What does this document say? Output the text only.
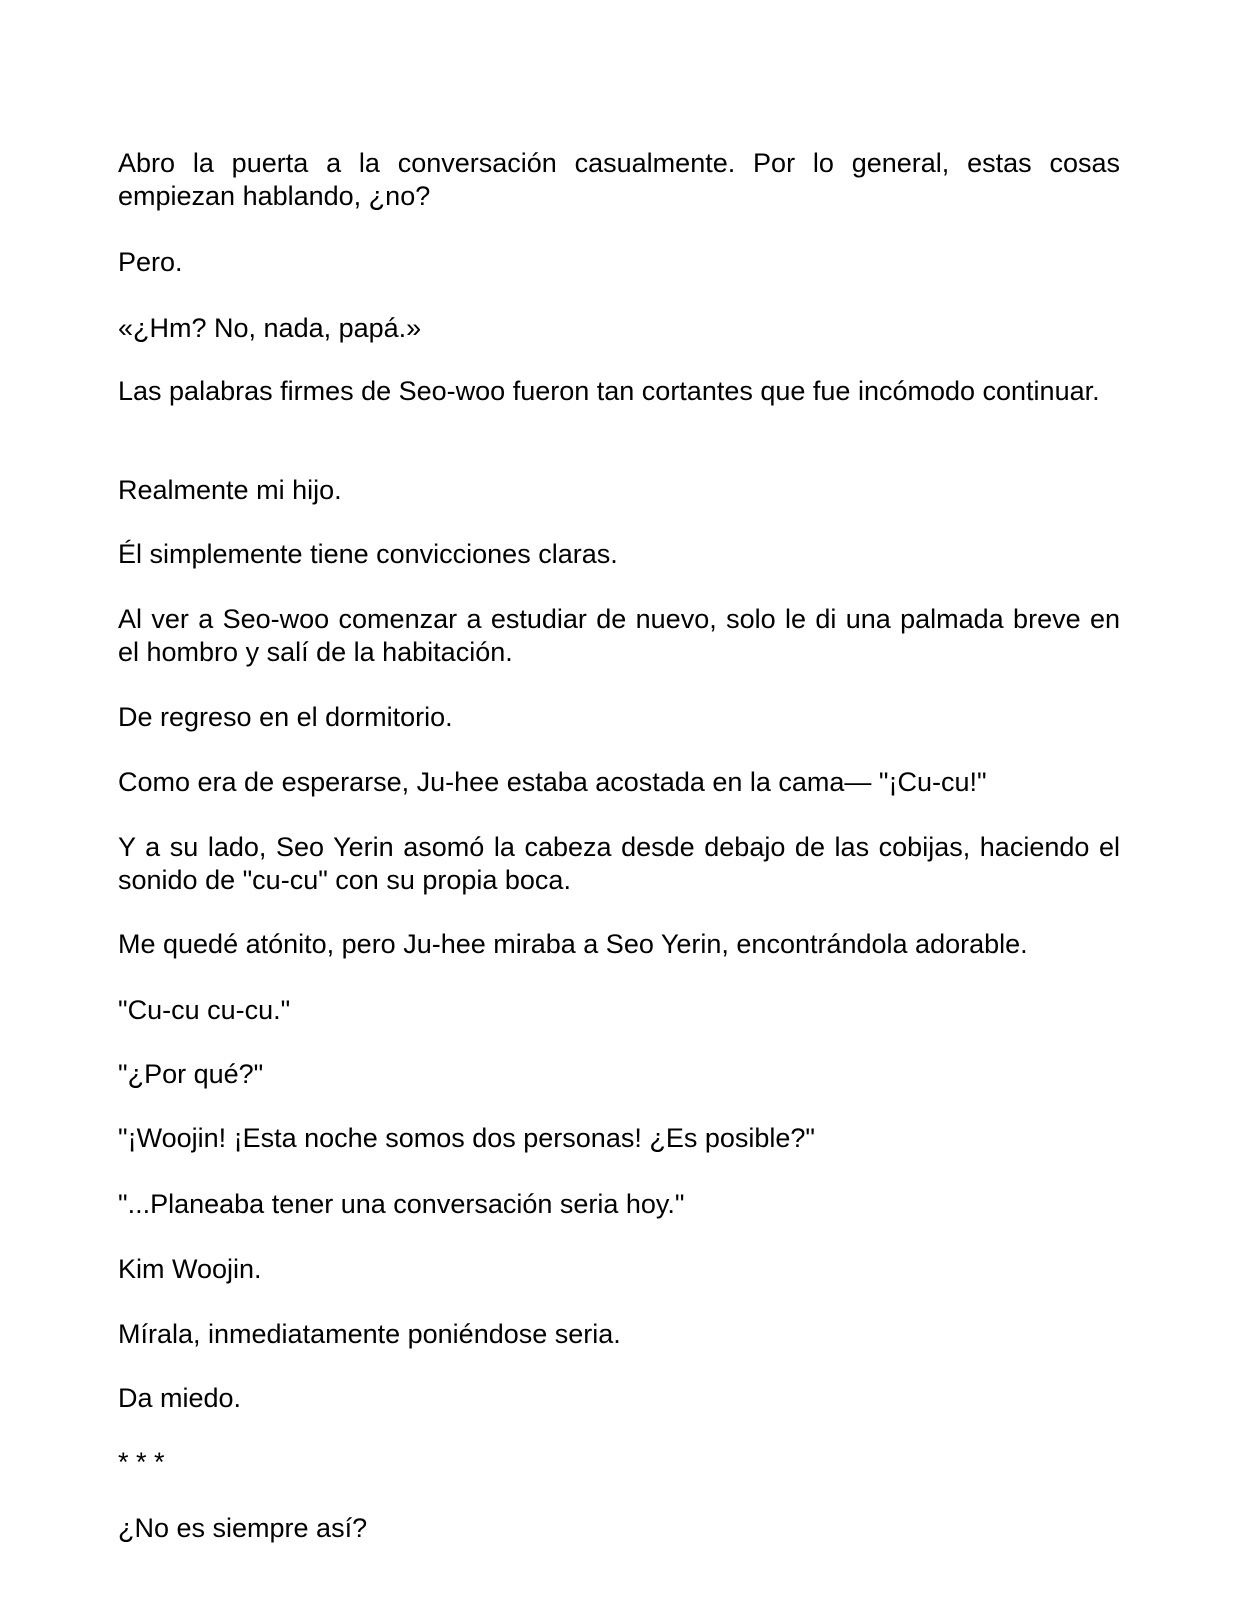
Abro la puerta a la conversación casualmente. Por lo general, estas cosas empiezan hablando, ¿no?

Pero.

«¿Hm? No, nada, papá.»

Las palabras firmes de Seo-woo fueron tan cortantes que fue incómodo continuar.

Realmente mi hijo.

Él simplemente tiene convicciones claras.

Al ver a Seo-woo comenzar a estudiar de nuevo, solo le di una palmada breve en el hombro y salí de la habitación.

De regreso en el dormitorio.

Como era de esperarse, Ju-hee estaba acostada en la cama— "¡Cu-cu!"

Y a su lado, Seo Yerin asomó la cabeza desde debajo de las cobijas, haciendo el sonido de "cu-cu" con su propia boca.

Me quedé atónito, pero Ju-hee miraba a Seo Yerin, encontrándola adorable.

"Cu-cu cu-cu."

"¿Por qué?"

"¡Woojin! ¡Esta noche somos dos personas! ¿Es posible?"

"...Planeaba tener una conversación seria hoy."

Kim Woojin.

Mírala, inmediatamente poniéndose seria.

Da miedo.

* * *

¿No es siempre así?
